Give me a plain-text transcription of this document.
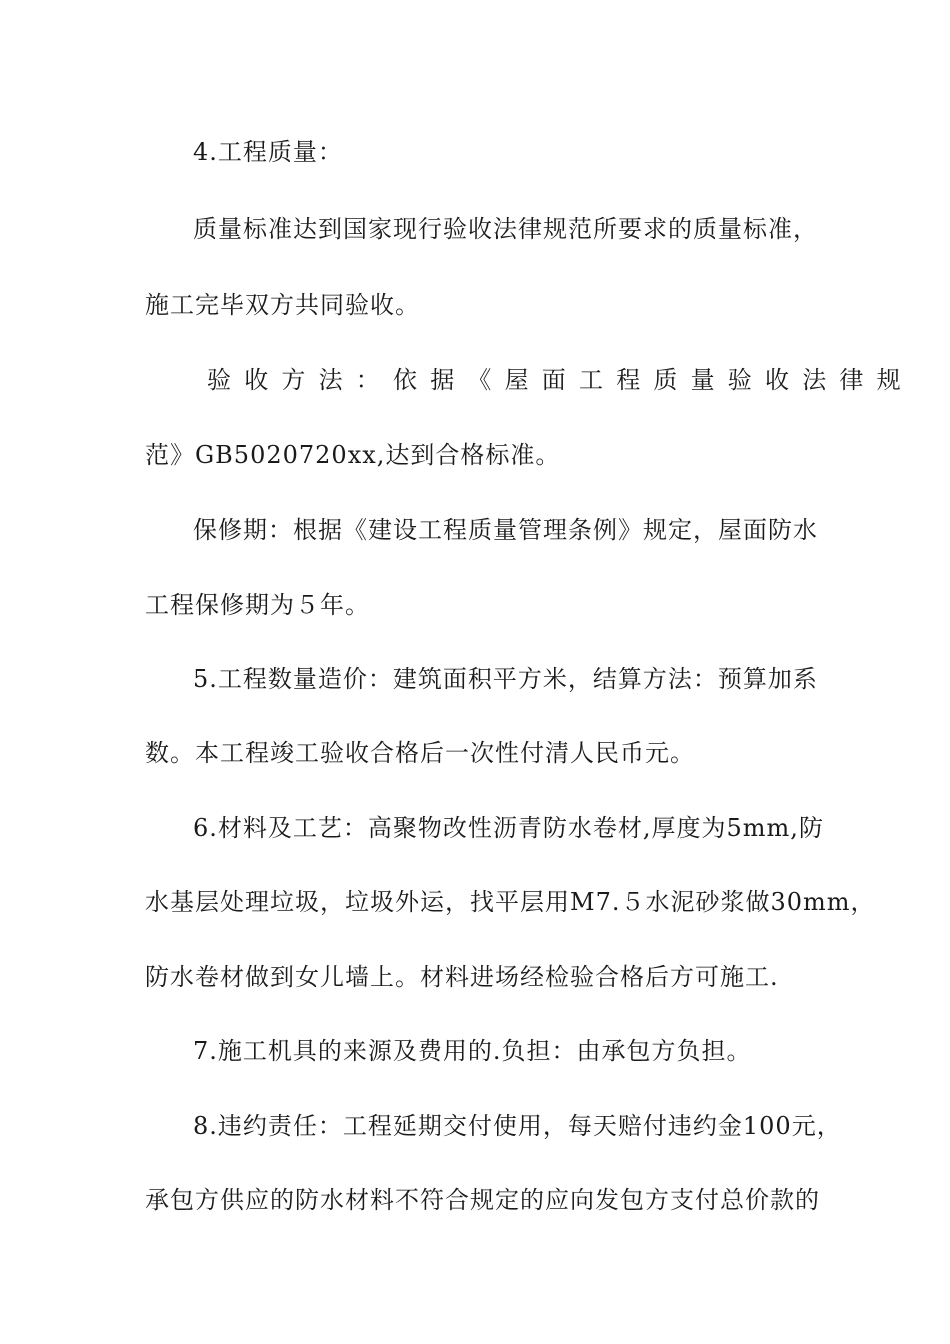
4.工程质量：
质量标准达到国家现行验收法律规范所要求的质量标准，
施工完毕双方共同验收。
验收方法：依据《屋面工程质量验收法律规
范》GB5020720xx,达到合格标准。
保修期：根据《建设工程质量管理条例》规定，屋面防水
工程保修期为５年。
5.工程数量造价：建筑面积平方米，结算方法：预算加系
数。本工程竣工验收合格后一次性付清人民币元。
6.材料及工艺：高聚物改性沥青防水卷材,厚度为5mm,防
水基层处理垃圾，垃圾外运，找平层用M7.５水泥砂浆做30mm，
防水卷材做到女儿墙上。材料进场经检验合格后方可施工.
7.施工机具的来源及费用的.负担：由承包方负担。
8.违约责任：工程延期交付使用，每天赔付违约金100元，
承包方供应的防水材料不符合规定的应向发包方支付总价款的
